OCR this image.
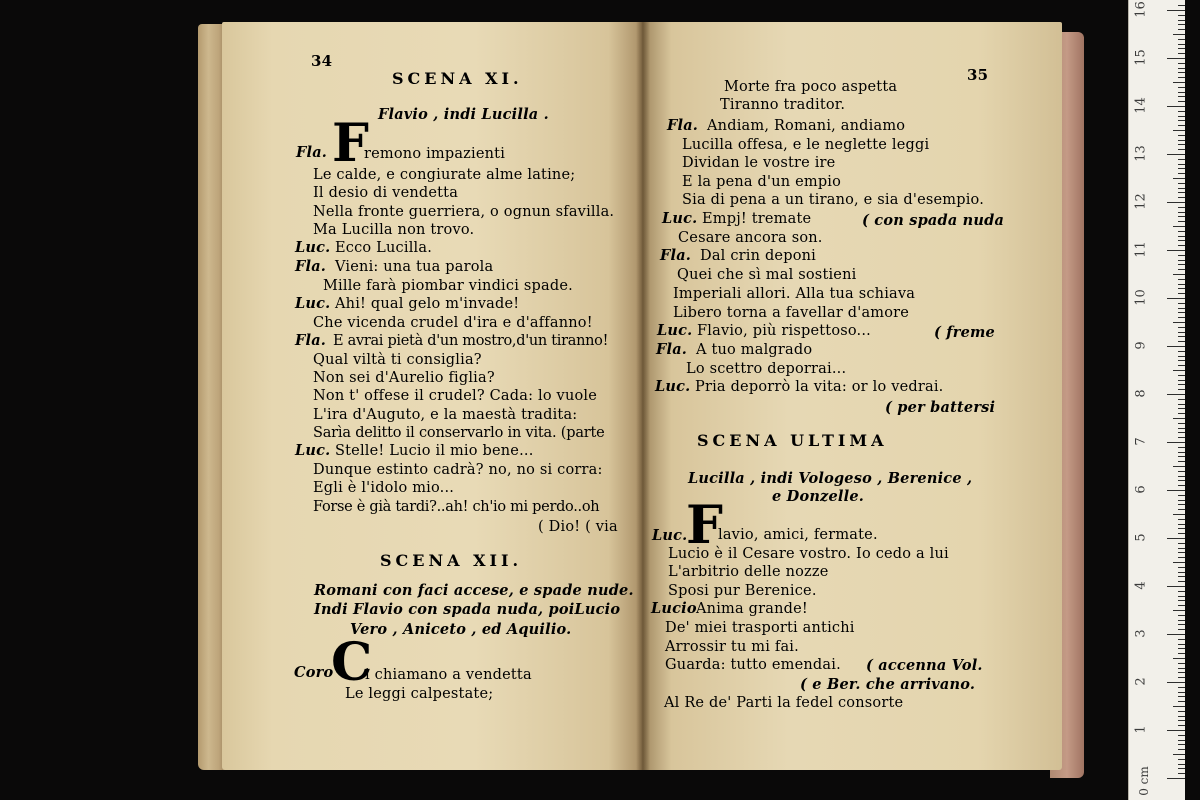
34
SCENA XI.
Flavio , indi Lucilla .
Fla. F
remono impazienti
Le calde, e congiurate alme latine;
Il desio di vendetta
Nella fronte guerriera, o ognun sfavilla.
Ma Lucilla non trovo.
Luc. Ecco Lucilla.
Fla. Vieni: una tua parola
Mille farà piombar vindici spade.
Luc. Ahi! qual gelo m'invade!
Che vicenda crudel d'ira e d'affanno!
Fla. E avrai pietà d'un mostro,d'un tiranno!
Qual viltà ti consiglia?
Non sei d'Aurelio figlia?
Non t' offese il crudel? Cada: lo vuole
L'ira d'Auguto, e la maestà tradita:
Sarìa delitto il conservarlo in vita. (parte
Luc. Stelle! Lucio il mio bene...
Dunque estinto cadrà? no, no si corra:
Egli è l'idolo mio...
Forse è già tardi?..ah! ch'io mi perdo..oh
( Dio! ( via
SCENA XII.
Romani con faci accese, e spade nude.
Indi Flavio con spada nuda, poiLucio
Vero , Aniceto , ed Aquilio.
Coro
C
i chiamano a vendetta
Le leggi calpestate;
35
Morte fra poco aspetta
Tiranno traditor.
Fla. Andiam, Romani, andiamo
Lucilla offesa, e le neglette leggi
Dividan le vostre ire
E la pena d'un empio
Sia di pena a un tirano, e sia d'esempio.
Luc. Empj! tremate	( con spada nuda
Cesare ancora son.
Fla. Dal crin deponi
Quei che sì mal sostieni
Imperiali allori. Alla tua schiava
Libero torna a favellar d'amore
Luc. Flavio, più rispettoso...	( freme
Fla. A tuo malgrado
Lo scettro deporrai...
Luc. Pria deporrò la vita: or lo vedrai.
( per battersi
SCENA ULTIMA
Lucilla , indi Vologeso , Berenice ,
e Donzelle.
Luc.
F
lavio, amici, fermate.
Lucio è il Cesare vostro. Io cedo a lui
L'arbitrio delle nozze
Sposi pur Berenice.
Lucio Anima grande!
De' miei trasporti antichi
Arrossir tu mi fai.
Guarda: tutto emendai. ( accenna Vol.
( e Ber. che arrivano.
Al Re de' Parti la fedel consorte
1
2
3
4
5
6
7
8
9
10
11
12
13
14
15
16
0 cm
